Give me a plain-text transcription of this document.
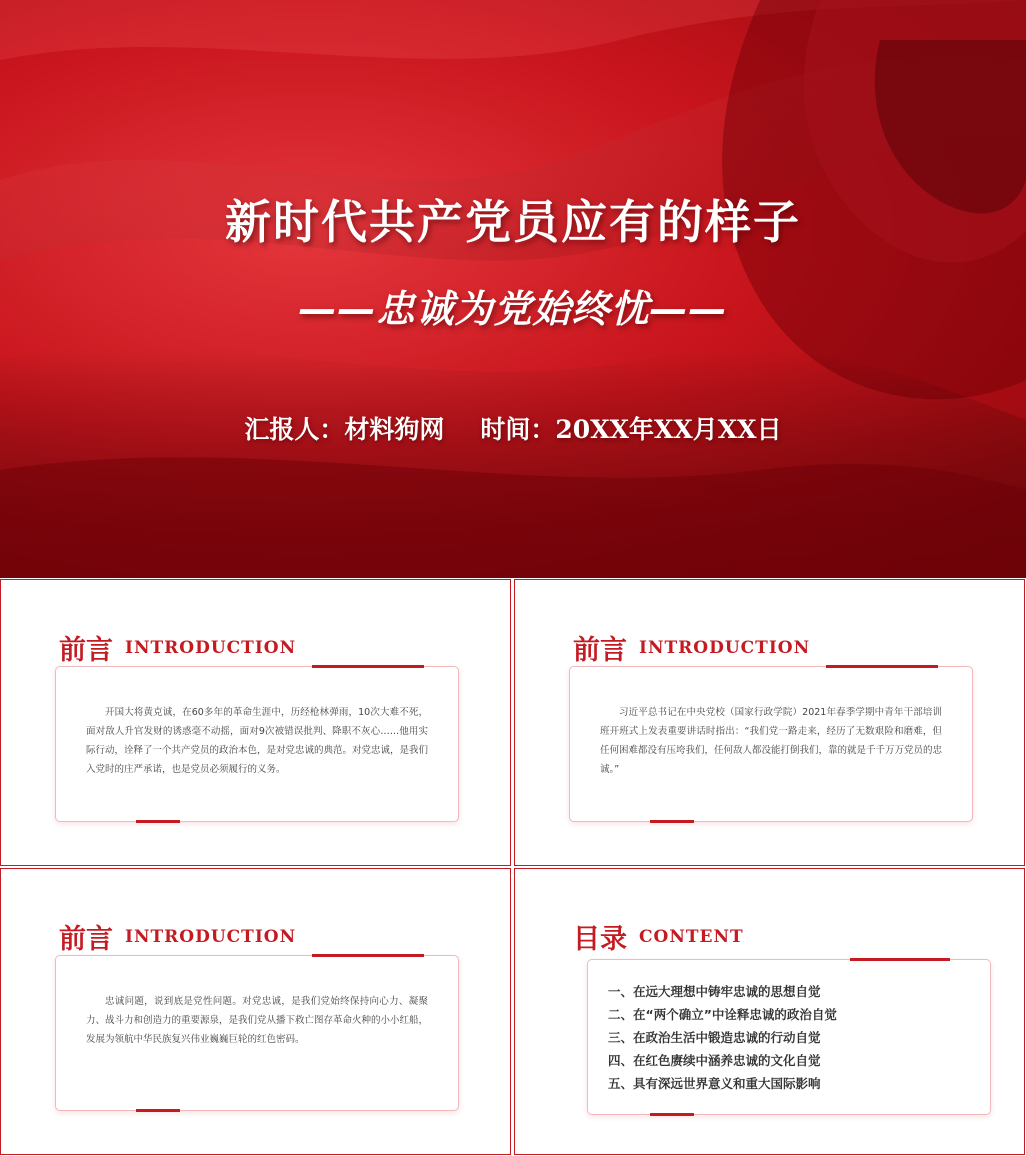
新时代共产党员应有的样子
——忠诚为党始终忧——
汇报人：材料狗网 时间：20XX年XX月XX日
前言 INTRODUCTION
开国大将黄克诚，在60多年的革命生涯中，历经枪林弹雨，10次大难不死，面对敌人升官发财的诱惑毫不动摇，面对9次被错误批判、降职不灰心……他用实际行动，诠释了一个共产党员的政治本色，是对党忠诚的典范。对党忠诚，是我们入党时的庄严承诺，也是党员必须履行的义务。
前言 INTRODUCTION
习近平总书记在中央党校（国家行政学院）2021年春季学期中青年干部培训班开班式上发表重要讲话时指出：“我们党一路走来，经历了无数艰险和磨难，但任何困难都没有压垮我们，任何敌人都没能打倒我们，靠的就是千千万万党员的忠诚。”
前言 INTRODUCTION
忠诚问题，说到底是党性问题。对党忠诚，是我们党始终保持向心力、凝聚力、战斗力和创造力的重要源泉，是我们党从播下救亡图存革命火种的小小红船，发展为领航中华民族复兴伟业巍巍巨轮的红色密码。
目录 CONTENT
一、在远大理想中铸牢忠诚的思想自觉
二、在“两个确立”中诠释忠诚的政治自觉
三、在政治生活中锻造忠诚的行动自觉
四、在红色赓续中涵养忠诚的文化自觉
五、具有深远世界意义和重大国际影响
